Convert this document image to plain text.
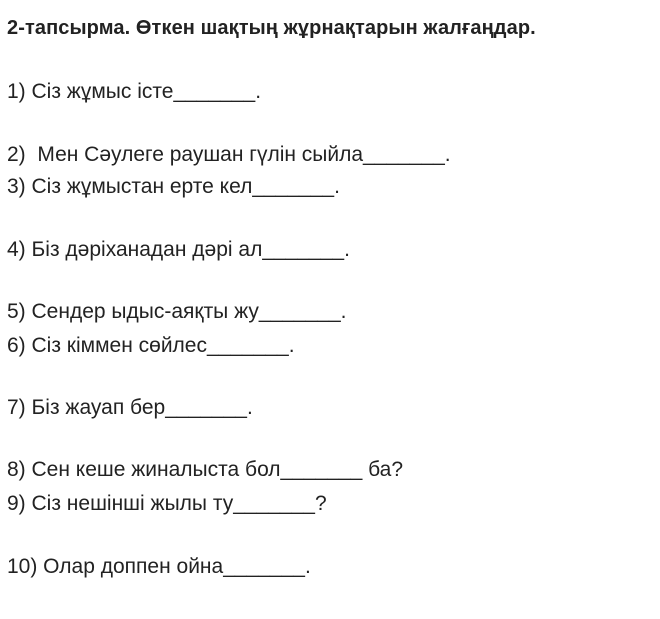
2-тапсырма. Өткен шақтың жұрнақтарын жалғаңдар.
1) Сіз жұмыс істе_______.
2)  Мен Сәулеге раушан гүлін сыйла_______.
3) Сіз жұмыстан ерте кел_______.
4) Біз дәріханадан дәрі ал_______.
5) Сендер ыдыс-аяқты жу_______.
6) Сіз кіммен сөйлес_______.
7) Біз жауап бер_______.
8) Сен кеше жиналыста бол_______ ба?
9) Сіз нешінші жылы ту_______?
10) Олар доппен ойна_______.
